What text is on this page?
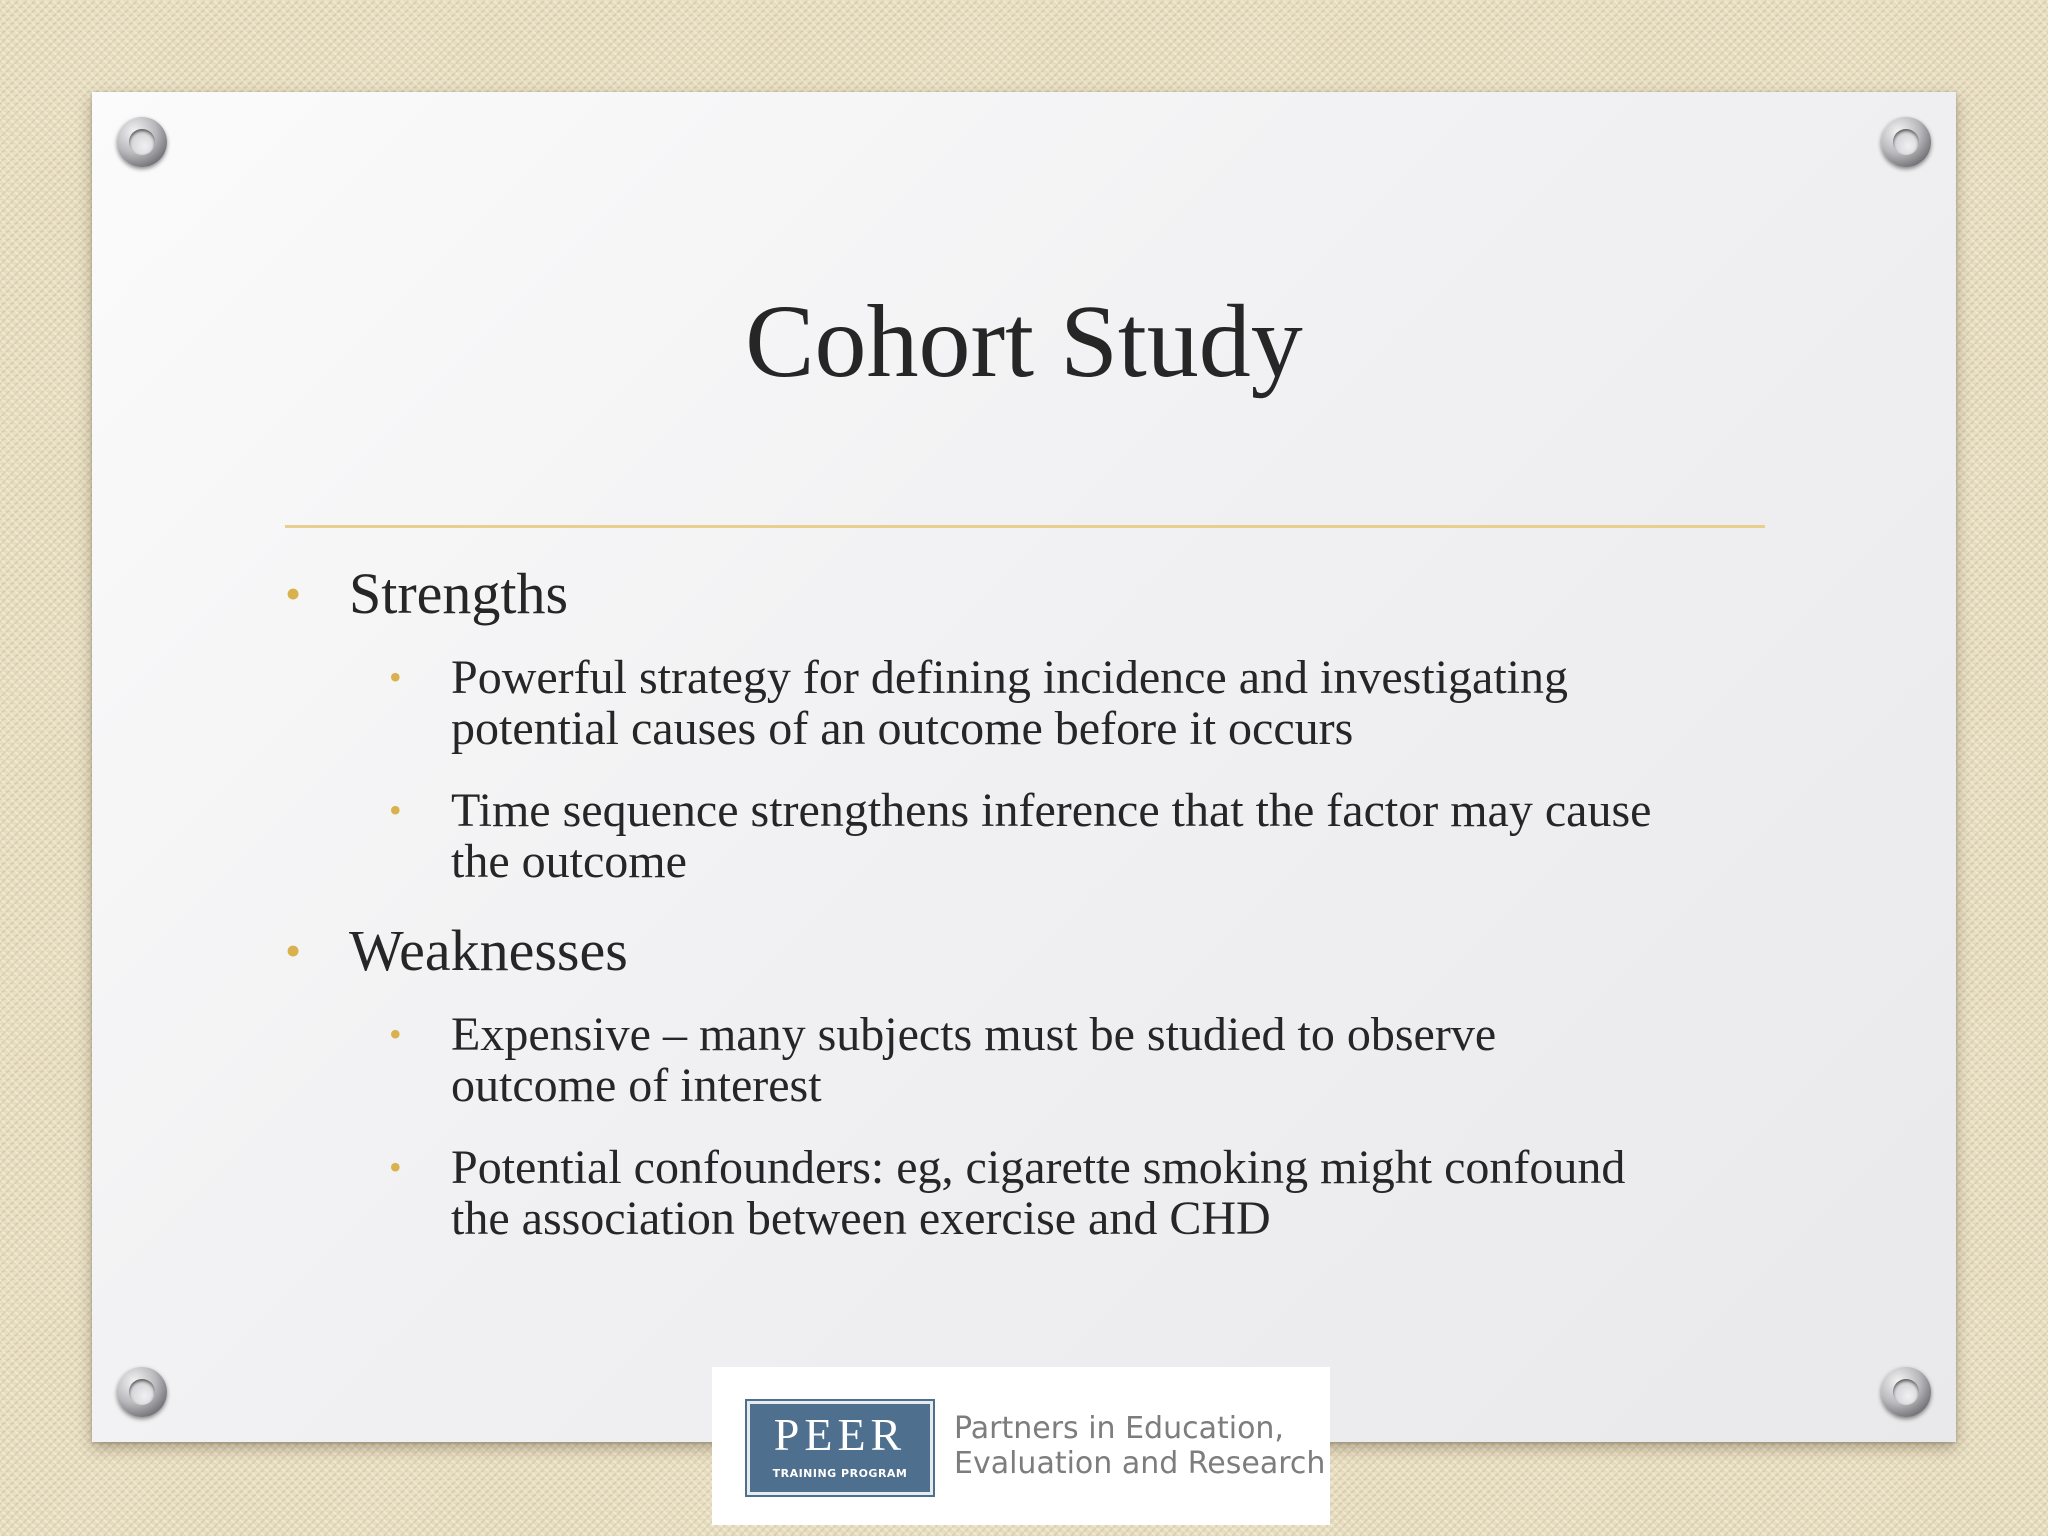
Cohort Study

• Strengths

• Powerful strategy for defining incidence and investigating
potential causes of an outcome before it occurs

• Time sequence strengthens inference that the factor may cause
the outcome

• Weaknesses

• Expensive – many subjects must be studied to observe
outcome of interest

• Potential confounders: eg, cigarette smoking might confound
the association between exercise and CHD

PEER
TRAINING PROGRAM
Partners in Education,
Evaluation and Research
